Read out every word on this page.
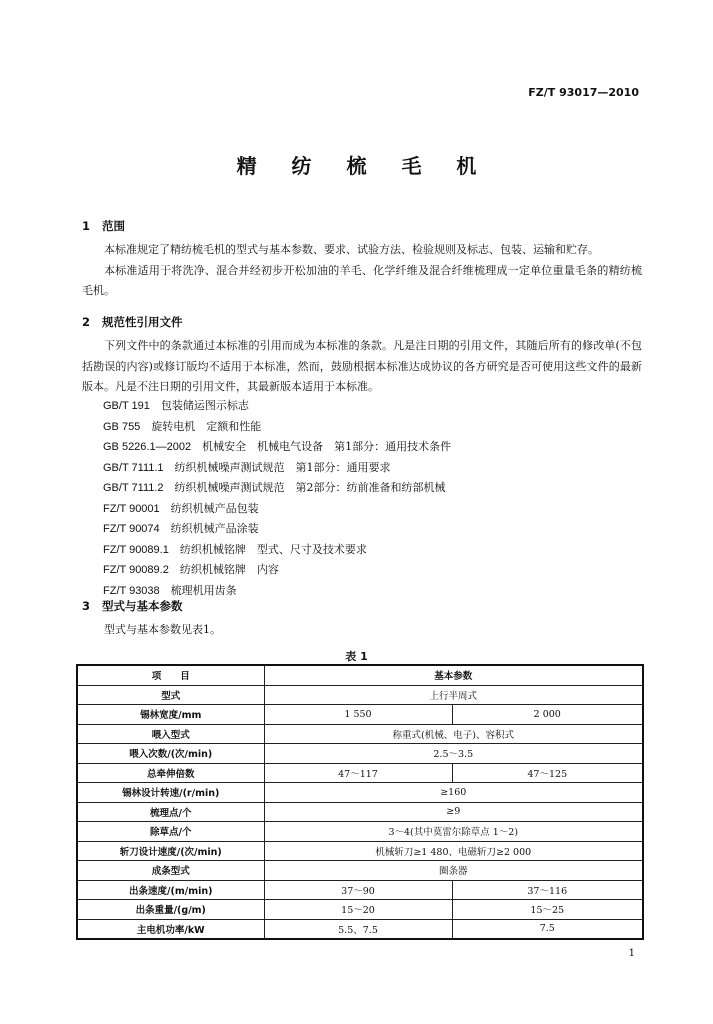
FZ/T 93017—2010
精 纺 梳 毛 机
1 范围

本标准规定了精纺梳毛机的型式与基本参数、要求、试验方法、检验规则及标志、包装、运输和贮存。

本标准适用于将洗净、混合并经初步开松加油的羊毛、化学纤维及混合纤维梳理成一定单位重量毛条的精纺梳毛机。

2 规范性引用文件

下列文件中的条款通过本标准的引用而成为本标准的条款。凡是注日期的引用文件，其随后所有的修改单(不包括勘误的内容)或修订版均不适用于本标准，然而，鼓励根据本标准达成协议的各方研究是否可使用这些文件的最新版本。凡是不注日期的引用文件，其最新版本适用于本标准。

GB/T 191　 包装储运图示标志
GB 755　 旋转电机　定额和性能
GB 5226.1—2002　 机械安全　机械电气设备　第1部分：通用技术条件
GB/T 7111.1　 纺织机械噪声测试规范　第1部分：通用要求
GB/T 7111.2　 纺织机械噪声测试规范　第2部分：纺前准备和纺部机械
FZ/T 90001　 纺织机械产品包装
FZ/T 90074　 纺织机械产品涂装
FZ/T 90089.1　 纺织机械铭牌　型式、尺寸及技术要求
FZ/T 90089.2　 纺织机械铭牌　内容
FZ/T 93038　 梳理机用齿条
3 型式与基本参数

型式与基本参数见表1。

表 1
项　　目	基本参数	
型式	上行半周式	
锡林宽度/mm	1 550	2 000
喂入型式	称重式(机械、电子)、容积式	
喂入次数/(次/min)	2.5～3.5	
总牵伸倍数	47～117	47～125
锡林设计转速/(r/min)	≥160	
梳理点/个	≥9	
除草点/个	3～4(其中莫雷尔除草点 1～2)	
斩刀设计速度/(次/min)	机械斩刀≥1 480、电磁斩刀≥2 000	
成条型式	圈条器	
出条速度/(m/min)	37～90	37～116
出条重量/(g/m)	15～20	15～25
主电机功率/kW	5.5、7.5	7.5
1
